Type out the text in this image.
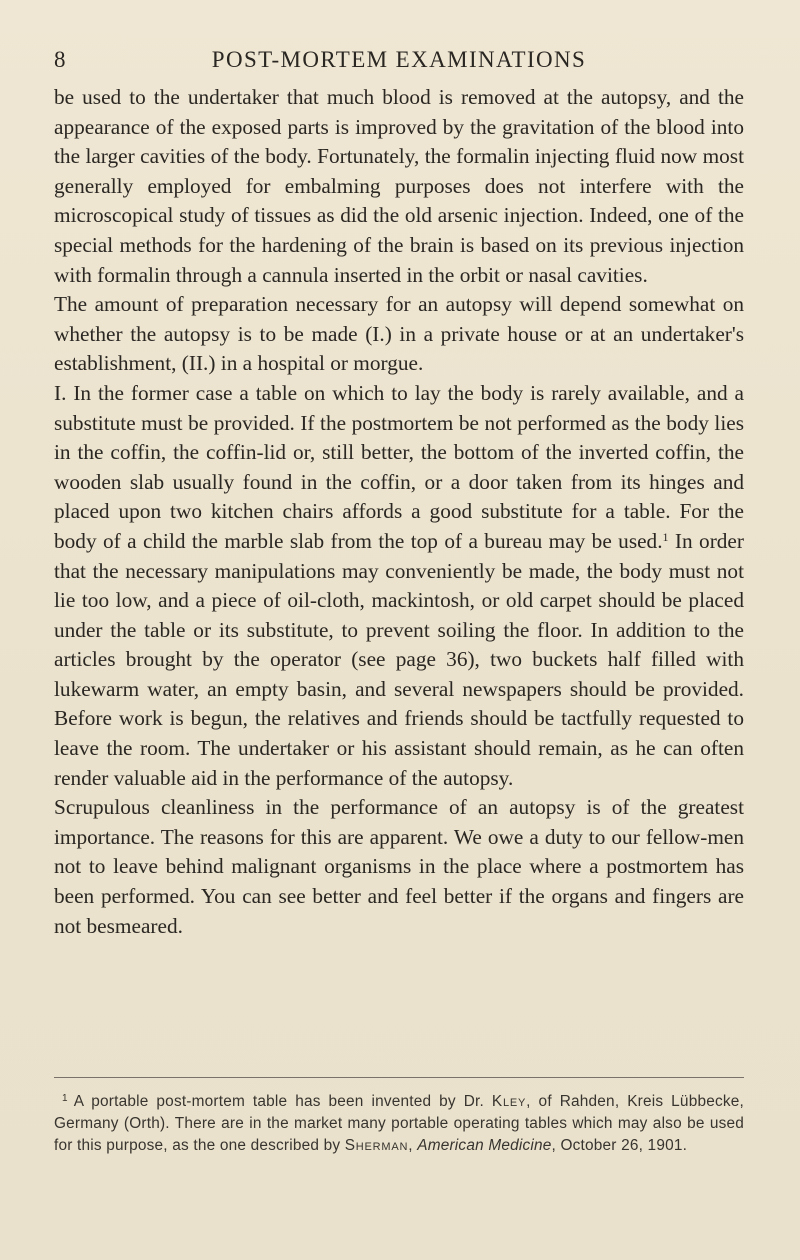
8	POST-MORTEM EXAMINATIONS

be used to the undertaker that much blood is removed at the autopsy, and the appearance of the exposed parts is improved by the gravitation of the blood into the larger cavities of the body. Fortunately, the formalin injecting fluid now most generally employed for embalming purposes does not interfere with the microscopical study of tissues as did the old arsenic injection. Indeed, one of the special methods for the hardening of the brain is based on its previous injection with formalin through a cannula inserted in the orbit or nasal cavities.

The amount of preparation necessary for an autopsy will depend somewhat on whether the autopsy is to be made (I.) in a private house or at an undertaker's establishment, (II.) in a hospital or morgue.

I. In the former case a table on which to lay the body is rarely available, and a substitute must be provided. If the postmortem be not performed as the body lies in the coffin, the coffin-lid or, still better, the bottom of the inverted coffin, the wooden slab usually found in the coffin, or a door taken from its hinges and placed upon two kitchen chairs affords a good substitute for a table. For the body of a child the marble slab from the top of a bureau may be used.$^1$ In order that the necessary manipulations may conveniently be made, the body must not lie too low, and a piece of oil-cloth, mackintosh, or old carpet should be placed under the table or its substitute, to prevent soiling the floor. In addition to the articles brought by the operator (see page 36), two buckets half filled with lukewarm water, an empty basin, and several newspapers should be provided. Before work is begun, the relatives and friends should be tactfully requested to leave the room. The undertaker or his assistant should remain, as he can often render valuable aid in the performance of the autopsy.

Scrupulous cleanliness in the performance of an autopsy is of the greatest importance. The reasons for this are apparent. We owe a duty to our fellow-men not to leave behind malignant organisms in the place where a postmortem has been performed. You can see better and feel better if the organs and fingers are not besmeared.

$^1$ A portable post-mortem table has been invented by Dr. Kley, of Rahden, Kreis Lübbecke, Germany (Orth). There are in the market many portable operating tables which may also be used for this purpose, as the one described by Sherman, American Medicine, October 26, 1901.
